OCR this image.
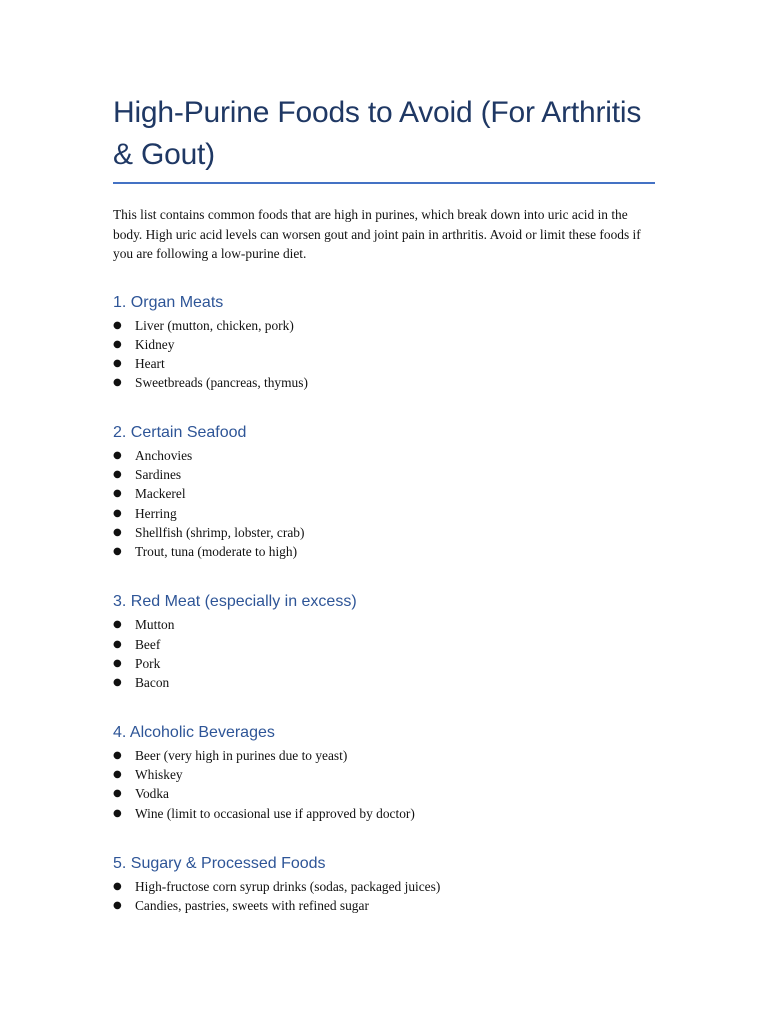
High-Purine Foods to Avoid (For Arthritis & Gout)

This list contains common foods that are high in purines, which break down into uric acid in the body. High uric acid levels can worsen gout and joint pain in arthritis. Avoid or limit these foods if you are following a low-purine diet.

1. Organ Meats
● Liver (mutton, chicken, pork)
● Kidney
● Heart
● Sweetbreads (pancreas, thymus)
2. Certain Seafood
● Anchovies
● Sardines
● Mackerel
● Herring
● Shellfish (shrimp, lobster, crab)
● Trout, tuna (moderate to high)
3. Red Meat (especially in excess)
● Mutton
● Beef
● Pork
● Bacon
4. Alcoholic Beverages
● Beer (very high in purines due to yeast)
● Whiskey
● Vodka
● Wine (limit to occasional use if approved by doctor)
5. Sugary & Processed Foods
● High-fructose corn syrup drinks (sodas, packaged juices)
● Candies, pastries, sweets with refined sugar
